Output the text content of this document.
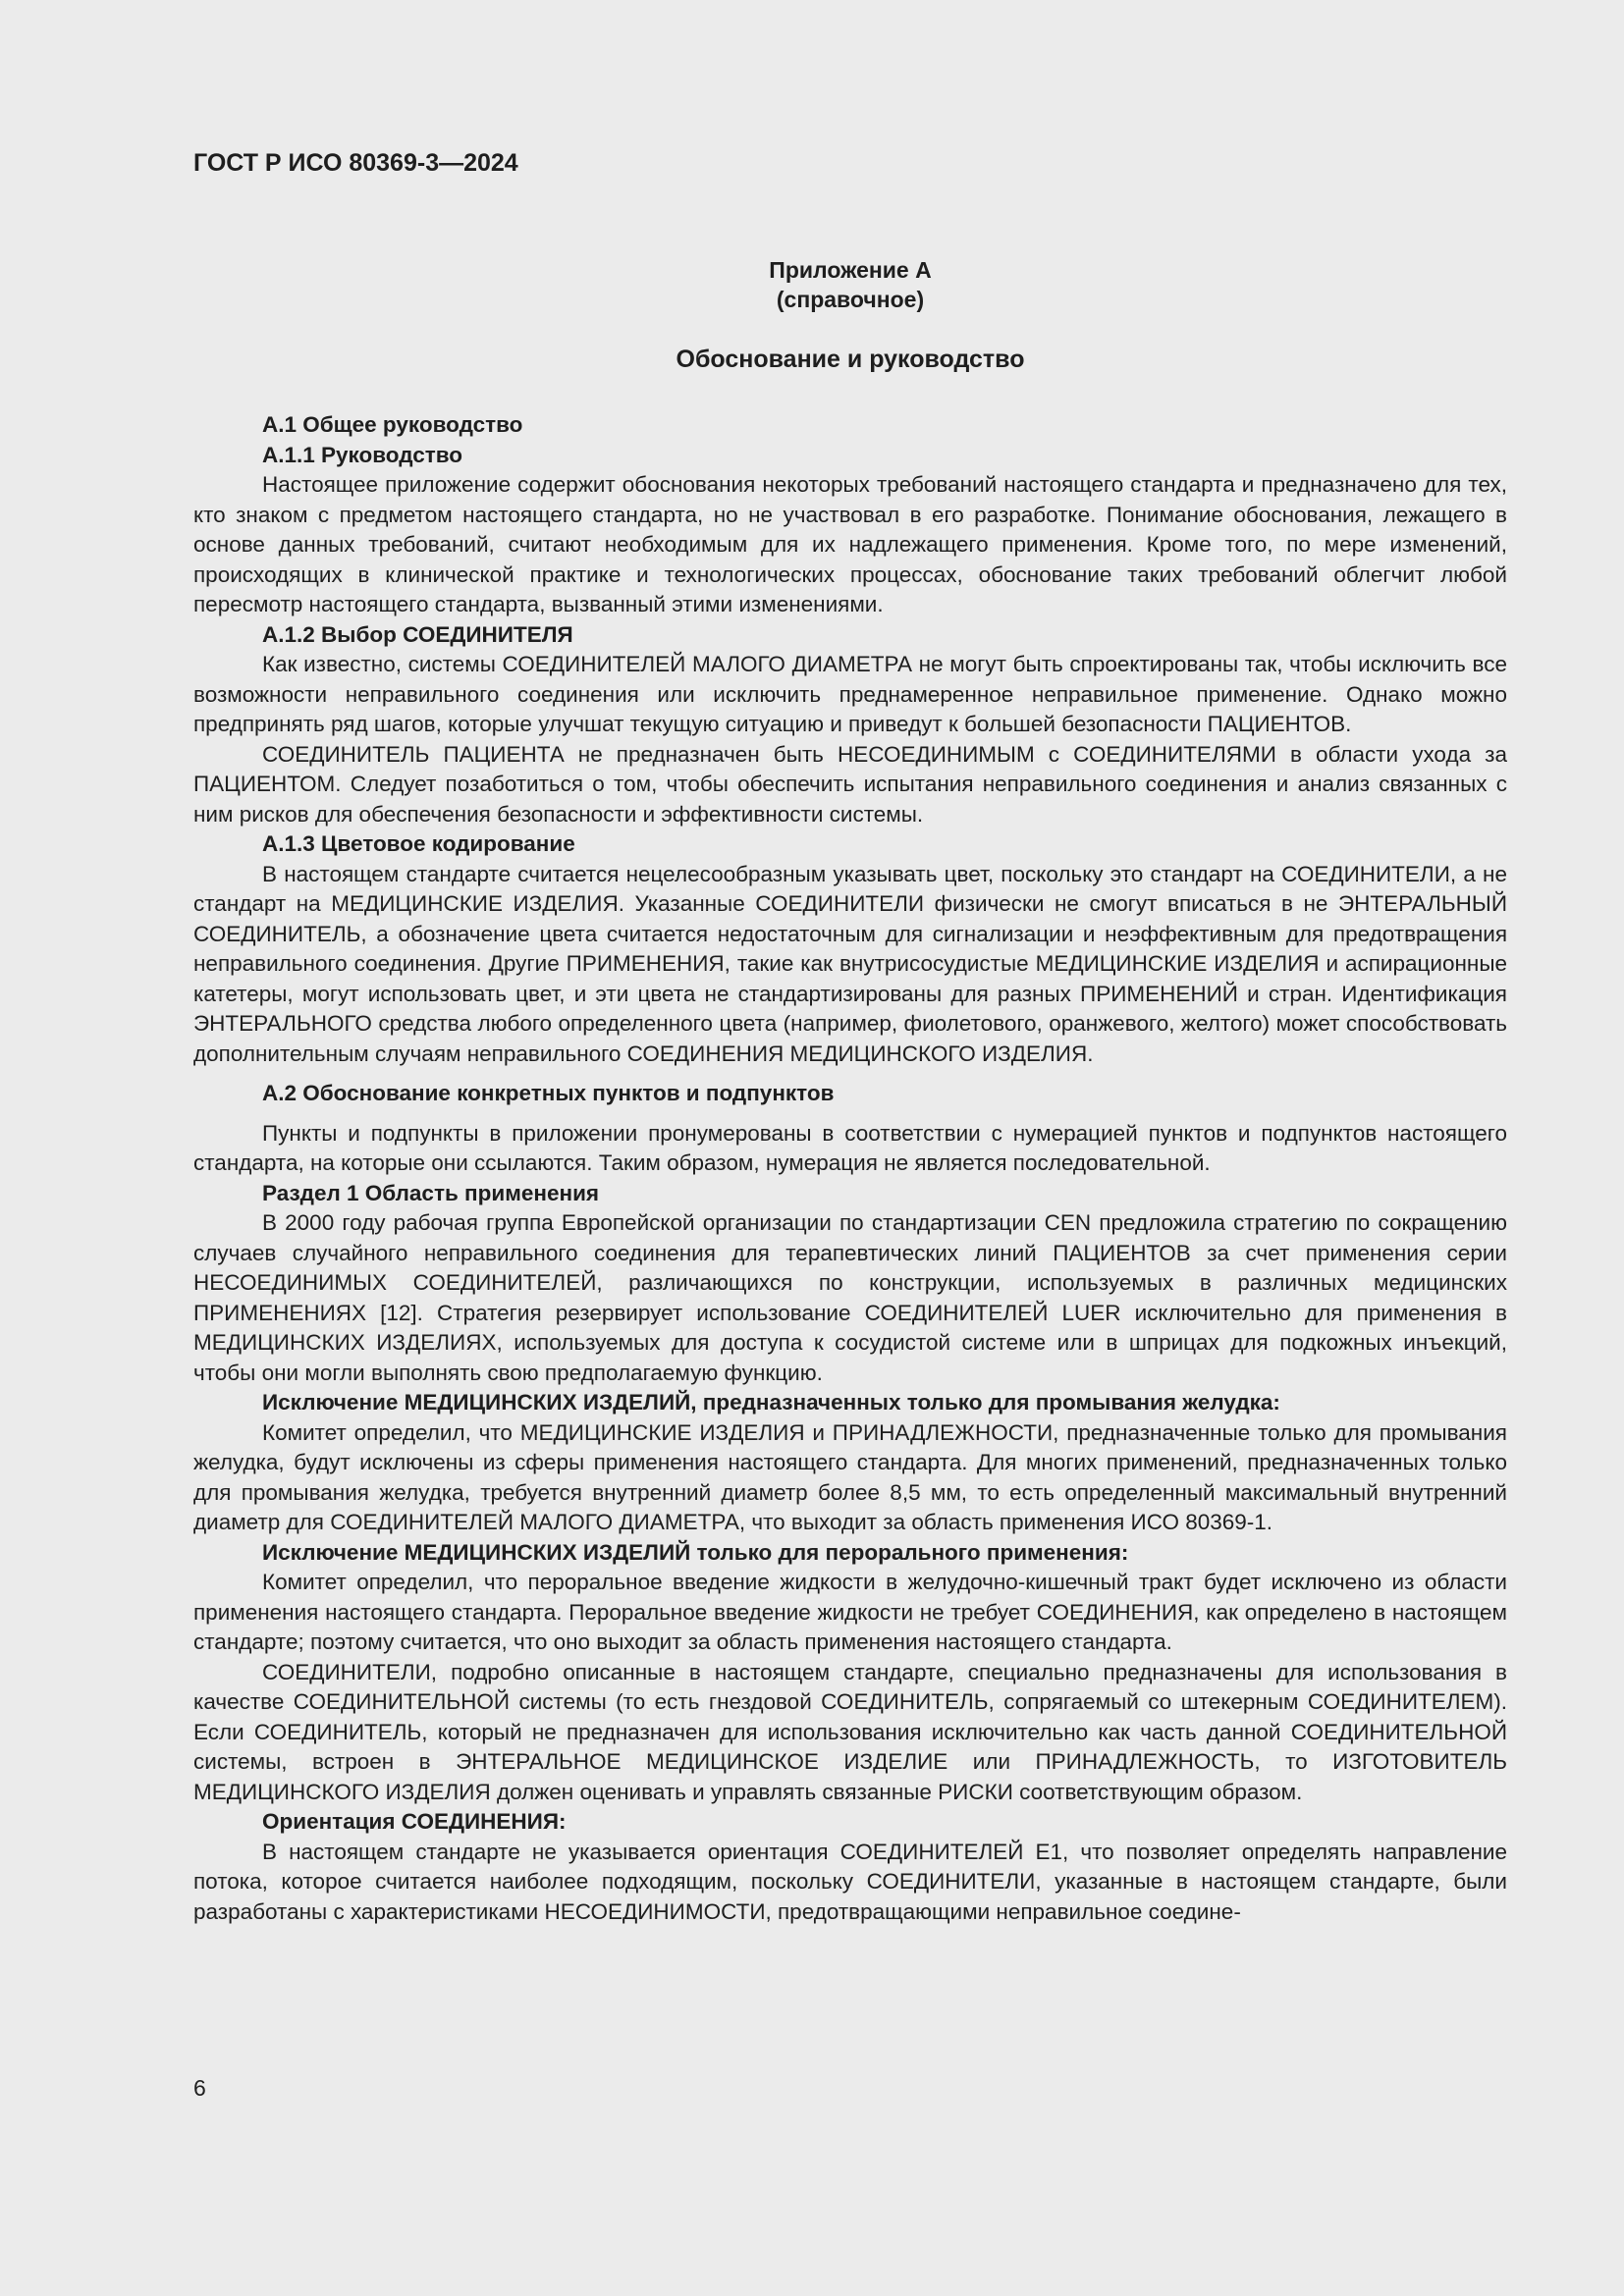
ГОСТ Р ИСО 80369-3—2024
Приложение А
(справочное)
Обоснование и руководство
А.1 Общее руководство
А.1.1 Руководство
Настоящее приложение содержит обоснования некоторых требований настоящего стандарта и предназначено для тех, кто знаком с предметом настоящего стандарта, но не участвовал в его разработке. Понимание обоснования, лежащего в основе данных требований, считают необходимым для их надлежащего применения. Кроме того, по мере изменений, происходящих в клинической практике и технологических процессах, обоснование таких требований облегчит любой пересмотр настоящего стандарта, вызванный этими изменениями.
А.1.2 Выбор СОЕДИНИТЕЛЯ
Как известно, системы СОЕДИНИТЕЛЕЙ МАЛОГО ДИАМЕТРА не могут быть спроектированы так, чтобы исключить все возможности неправильного соединения или исключить преднамеренное неправильное применение. Однако можно предпринять ряд шагов, которые улучшат текущую ситуацию и приведут к большей безопасности ПАЦИЕНТОВ.
СОЕДИНИТЕЛЬ ПАЦИЕНТА не предназначен быть НЕСОЕДИНИМЫМ с СОЕДИНИТЕЛЯМИ в области ухода за ПАЦИЕНТОМ. Следует позаботиться о том, чтобы обеспечить испытания неправильного соединения и анализ связанных с ним рисков для обеспечения безопасности и эффективности системы.
А.1.3 Цветовое кодирование
В настоящем стандарте считается нецелесообразным указывать цвет, поскольку это стандарт на СОЕДИНИТЕЛИ, а не стандарт на МЕДИЦИНСКИЕ ИЗДЕЛИЯ. Указанные СОЕДИНИТЕЛИ физически не смогут вписаться в не ЭНТЕРАЛЬНЫЙ СОЕДИНИТЕЛЬ, а обозначение цвета считается недостаточным для сигнализации и неэффективным для предотвращения неправильного соединения. Другие ПРИМЕНЕНИЯ, такие как внутрисосудистые МЕДИЦИНСКИЕ ИЗДЕЛИЯ и аспирационные катетеры, могут использовать цвет, и эти цвета не стандартизированы для разных ПРИМЕНЕНИЙ и стран. Идентификация ЭНТЕРАЛЬНОГО средства любого определенного цвета (например, фиолетового, оранжевого, желтого) может способствовать дополнительным случаям неправильного СОЕДИНЕНИЯ МЕДИЦИНСКОГО ИЗДЕЛИЯ.
А.2 Обоснование конкретных пунктов и подпунктов
Пункты и подпункты в приложении пронумерованы в соответствии с нумерацией пунктов и подпунктов настоящего стандарта, на которые они ссылаются. Таким образом, нумерация не является последовательной.
Раздел 1 Область применения
В 2000 году рабочая группа Европейской организации по стандартизации CEN предложила стратегию по сокращению случаев случайного неправильного соединения для терапевтических линий ПАЦИЕНТОВ за счет применения серии НЕСОЕДИНИМЫХ СОЕДИНИТЕЛЕЙ, различающихся по конструкции, используемых в различных медицинских ПРИМЕНЕНИЯХ [12]. Стратегия резервирует использование СОЕДИНИТЕЛЕЙ LUER исключительно для применения в МЕДИЦИНСКИХ ИЗДЕЛИЯХ, используемых для доступа к сосудистой системе или в шприцах для подкожных инъекций, чтобы они могли выполнять свою предполагаемую функцию.
Исключение МЕДИЦИНСКИХ ИЗДЕЛИЙ, предназначенных только для промывания желудка:
Комитет определил, что МЕДИЦИНСКИЕ ИЗДЕЛИЯ и ПРИНАДЛЕЖНОСТИ, предназначенные только для промывания желудка, будут исключены из сферы применения настоящего стандарта. Для многих применений, предназначенных только для промывания желудка, требуется внутренний диаметр более 8,5 мм, то есть определенный максимальный внутренний диаметр для СОЕДИНИТЕЛЕЙ МАЛОГО ДИАМЕТРА, что выходит за область применения ИСО 80369-1.
Исключение МЕДИЦИНСКИХ ИЗДЕЛИЙ только для перорального применения:
Комитет определил, что пероральное введение жидкости в желудочно-кишечный тракт будет исключено из области применения настоящего стандарта. Пероральное введение жидкости не требует СОЕДИНЕНИЯ, как определено в настоящем стандарте; поэтому считается, что оно выходит за область применения настоящего стандарта.
СОЕДИНИТЕЛИ, подробно описанные в настоящем стандарте, специально предназначены для использования в качестве СОЕДИНИТЕЛЬНОЙ системы (то есть гнездовой СОЕДИНИТЕЛЬ, сопрягаемый со штекерным СОЕДИНИТЕЛЕМ). Если СОЕДИНИТЕЛЬ, который не предназначен для использования исключительно как часть данной СОЕДИНИТЕЛЬНОЙ системы, встроен в ЭНТЕРАЛЬНОЕ МЕДИЦИНСКОЕ ИЗДЕЛИЕ или ПРИНАДЛЕЖНОСТЬ, то ИЗГОТОВИТЕЛЬ МЕДИЦИНСКОГО ИЗДЕЛИЯ должен оценивать и управлять связанные РИСКИ соответствующим образом.
Ориентация СОЕДИНЕНИЯ:
В настоящем стандарте не указывается ориентация СОЕДИНИТЕЛЕЙ E1, что позволяет определять направление потока, которое считается наиболее подходящим, поскольку СОЕДИНИТЕЛИ, указанные в настоящем стандарте, были разработаны с характеристиками НЕСОЕДИНИМОСТИ, предотвращающими неправильное соедине-
6
